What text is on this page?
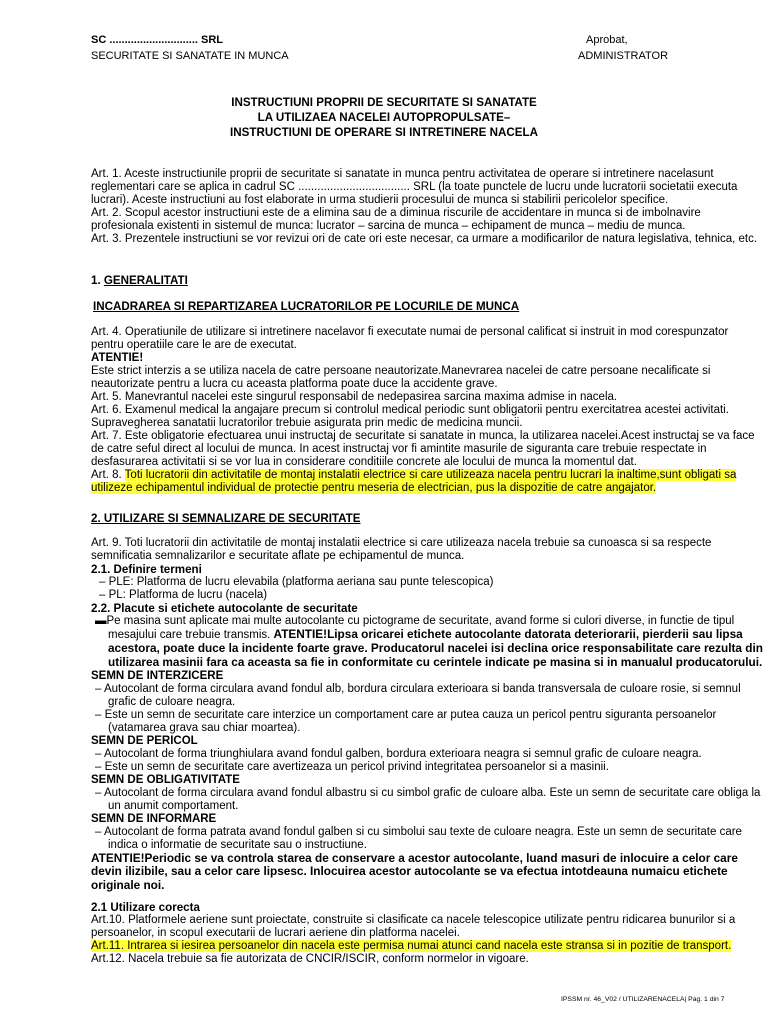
SC ............................. SRL
SECURITATE SI SANATATE IN MUNCA
Aprobat,
ADMINISTRATOR
INSTRUCTIUNI PROPRII DE SECURITATE SI SANATATE
LA UTILIZAEA NACELEI AUTOPROPULSATE–
INSTRUCTIUNI DE OPERARE SI INTRETINERE NACELA

Art. 1. Aceste instructiunile proprii de securitate si sanatate in munca pentru activitatea de operare si intretinere nacelasunt reglementari care se aplica in cadrul SC ................................... SRL (la toate punctele de lucru unde lucratorii societatii executa lucrari). Aceste instructiuni au fost elaborate in urma studierii procesului de munca si stabilirii pericolelor specifice.

Art. 2. Scopul acestor instructiuni este de a elimina sau de a diminua riscurile de accidentare in munca si de imbolnavire profesionala existenti in sistemul de munca: lucrator – sarcina de munca – echipament de munca – mediu de munca.

Art. 3. Prezentele instructiuni se vor revizui ori de cate ori este necesar, ca urmare a modificarilor de natura legislativa, tehnica, etc.

1. GENERALITATI
INCADRAREA SI REPARTIZAREA LUCRATORILOR PE LOCURILE DE MUNCA

Art. 4. Operatiunile de utilizare si intretinere nacelavor fi executate numai de personal calificat si instruit in mod corespunzator pentru operatiile care le are de executat.

ATENTIE!

Este strict interzis a se utiliza nacela de catre persoane neautorizate.Manevrarea nacelei de catre persoane necalificate si neautorizate pentru a lucra cu aceasta platforma poate duce la accidente grave.

Art. 5. Manevrantul nacelei este singurul responsabil de nedepasirea sarcina maxima admise in nacela.

Art. 6. Examenul medical la angajare precum si controlul medical periodic sunt obligatorii pentru exercitatrea acestei activitati. Supravegherea sanatatii lucratorilor trebuie asigurata prin medic de medicina muncii.

Art. 7. Este obligatorie efectuarea unui instructaj de securitate si sanatate in munca, la utilizarea nacelei.Acest instructaj se va face de catre seful direct al locului de munca. In acest instructaj vor fi amintite masurile de siguranta care trebuie respectate in desfasurarea activitatii si se vor lua in considerare conditiile concrete ale locului de munca la momentul dat.

Art. 8. Toti lucratorii din activitatile de montaj instalatii electrice si care utilizeaza nacela pentru lucrari la inaltime,sunt obligati sa utilizeze echipamentul individual de protectie pentru meseria de electrician, pus la dispozitie de catre angajator.

2. UTILIZARE SI SEMNALIZARE DE SECURITATE

Art. 9. Toti lucratorii din activitatile de montaj instalatii electrice si care utilizeaza nacela trebuie sa cunoasca si sa respecte semnificatia semnalizarilor e securitate aflate pe echipamentul de munca.

2.1. Definire termeni

– PLE: Platforma de lucru elevabila (platforma aeriana sau punte telescopica)

– PL: Platforma de lucru (nacela)

2.2. Placute si etichete autocolante de securitate

▬Pe masina sunt aplicate mai multe autocolante cu pictograme de securitate, avand forme si culori diverse, in functie de tipul mesajului care trebuie transmis. ATENTIE!Lipsa oricarei etichete autocolante datorata deteriorarii, pierderii sau lipsa acestora, poate duce la incidente foarte grave. Producatorul nacelei isi declina orice responsabilitate care rezulta din utilizarea masinii fara ca aceasta sa fie in conformitate cu cerintele indicate pe masina si in manualul producatorului.

SEMN DE INTERZICERE

– Autocolant de forma circulara avand fondul alb, bordura circulara exterioara si banda transversala de culoare rosie, si semnul grafic de culoare neagra.

– Este un semn de securitate care interzice un comportament care ar putea cauza un pericol pentru siguranta persoanelor (vatamarea grava sau chiar moartea).

SEMN DE PERICOL

– Autocolant de forma triunghiulara avand fondul galben, bordura exterioara neagra si semnul grafic de culoare neagra.

– Este un semn de securitate care avertizeaza un pericol privind integritatea persoanelor si a masinii.

SEMN DE OBLIGATIVITATE

– Autocolant de forma circulara avand fondul albastru si cu simbol grafic de culoare alba. Este un semn de securitate care obliga la un anumit comportament.

SEMN DE INFORMARE

– Autocolant de forma patrata avand fondul galben si cu simbolui sau texte de culoare neagra. Este un semn de securitate care indica o informatie de securitate sau o instructiune.

ATENTIE!Periodic se va controla starea de conservare a acestor autocolante, luand masuri de inlocuire a celor care devin ilizibile, sau a celor care lipsesc. Inlocuirea acestor autocolante se va efectua intotdeauna numaicu etichete originale noi.

2.1 Utilizare corecta

Art.10. Platformele aeriene sunt proiectate, construite si clasificate ca nacele telescopice utilizate pentru ridicarea bunurilor si a persoanelor, in scopul executarii de lucrari aeriene din platforma nacelei.

Art.11. Intrarea si iesirea persoanelor din nacela este permisa numai atunci cand nacela este stransa si in pozitie de transport.

Art.12. Nacela trebuie sa fie autorizata de CNCIR/ISCIR, conform normelor in vigoare.

IPSSM nr. 46_V02 / UTILIZARENACELA| Pag. 1 din 7
